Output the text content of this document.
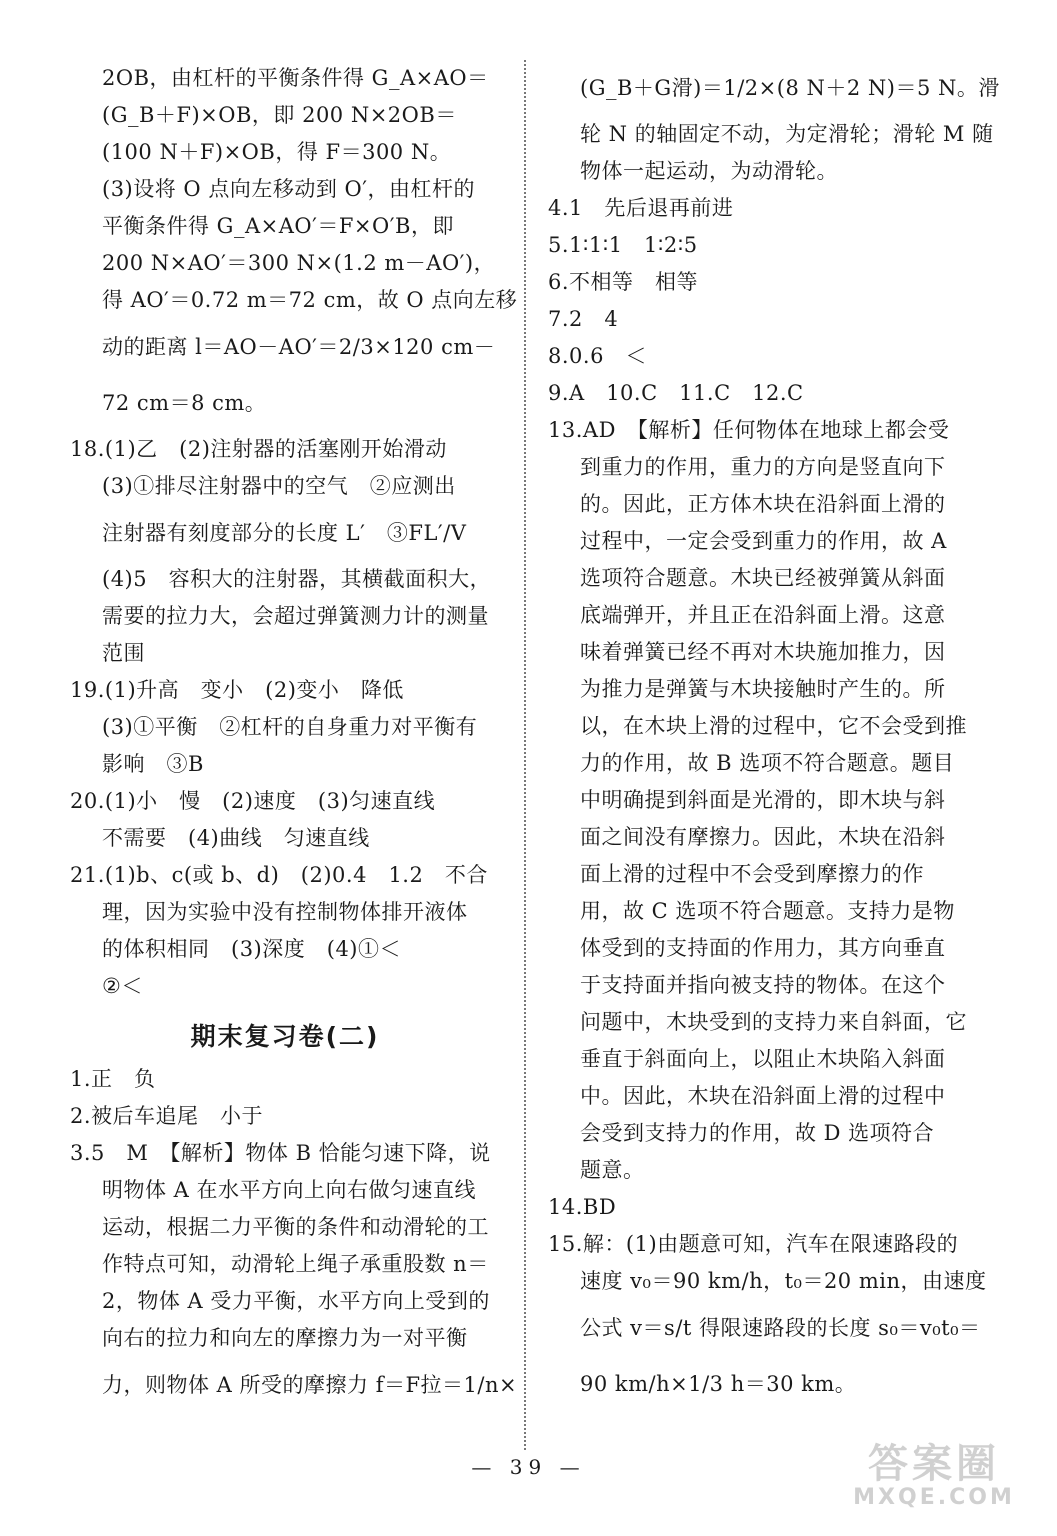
2OB，由杠杆的平衡条件得 G_A×AO＝
(G_B＋F)×OB，即 200 N×2OB＝
(100 N＋F)×OB，得 F＝300 N。
(3)设将 O 点向左移动到 O′，由杠杆的
平衡条件得 G_A×AO′＝F×O′B，即
200 N×AO′＝300 N×(1.2 m－AO′)，
得 AO′＝0.72 m＝72 cm，故 O 点向左移
动的距离 l＝AO－AO′＝2/3×120 cm－
72 cm＝8 cm。
18.(1)乙　(2)注射器的活塞刚开始滑动
(3)①排尽注射器中的空气　②应测出
注射器有刻度部分的长度 L′　③FL′/V
(4)5　容积大的注射器，其横截面积大，
需要的拉力大，会超过弹簧测力计的测量
范围
19.(1)升高　变小　(2)变小　降低
(3)①平衡　②杠杆的自身重力对平衡有
影响　③B
20.(1)小　慢　(2)速度　(3)匀速直线
不需要　(4)曲线　匀速直线
21.(1)b、c(或 b、d)　(2)0.4　1.2　不合
理，因为实验中没有控制物体排开液体
的体积相同　(3)深度　(4)①＜
②＜
期末复习卷(二)
1.正　负
2.被后车追尾　小于
3.5　M　【解析】物体 B 恰能匀速下降，说
明物体 A 在水平方向上向右做匀速直线
运动，根据二力平衡的条件和动滑轮的工
作特点可知，动滑轮上绳子承重股数 n＝
2，物体 A 受力平衡，水平方向上受到的
向右的拉力和向左的摩擦力为一对平衡
力，则物体 A 所受的摩擦力 f＝F拉＝1/n×
(G_B＋G滑)＝1/2×(8 N＋2 N)＝5 N。滑
轮 N 的轴固定不动，为定滑轮；滑轮 M 随
物体一起运动，为动滑轮。
4.1　先后退再前进
5.1∶1∶1　1∶2∶5
6.不相等　相等
7.2　4
8.0.6　＜
9.A　10.C　11.C　12.C
13.AD　【解析】任何物体在地球上都会受
到重力的作用，重力的方向是竖直向下
的。因此，正方体木块在沿斜面上滑的
过程中，一定会受到重力的作用，故 A
选项符合题意。木块已经被弹簧从斜面
底端弹开，并且正在沿斜面上滑。这意
味着弹簧已经不再对木块施加推力，因
为推力是弹簧与木块接触时产生的。所
以，在木块上滑的过程中，它不会受到推
力的作用，故 B 选项不符合题意。题目
中明确提到斜面是光滑的，即木块与斜
面之间没有摩擦力。因此，木块在沿斜
面上滑的过程中不会受到摩擦力的作
用，故 C 选项不符合题意。支持力是物
体受到的支持面的作用力，其方向垂直
于支持面并指向被支持的物体。在这个
问题中，木块受到的支持力来自斜面，它
垂直于斜面向上，以阻止木块陷入斜面
中。因此，木块在沿斜面上滑的过程中
会受到支持力的作用，故 D 选项符合
题意。
14.BD
15.解：(1)由题意可知，汽车在限速路段的
速度 v₀＝90 km/h，t₀＝20 min，由速度
公式 v＝s/t 得限速路段的长度 s₀＝v₀t₀＝
90 km/h×1/3 h＝30 km。
— 39 —	答案圈
MXQE.COM
